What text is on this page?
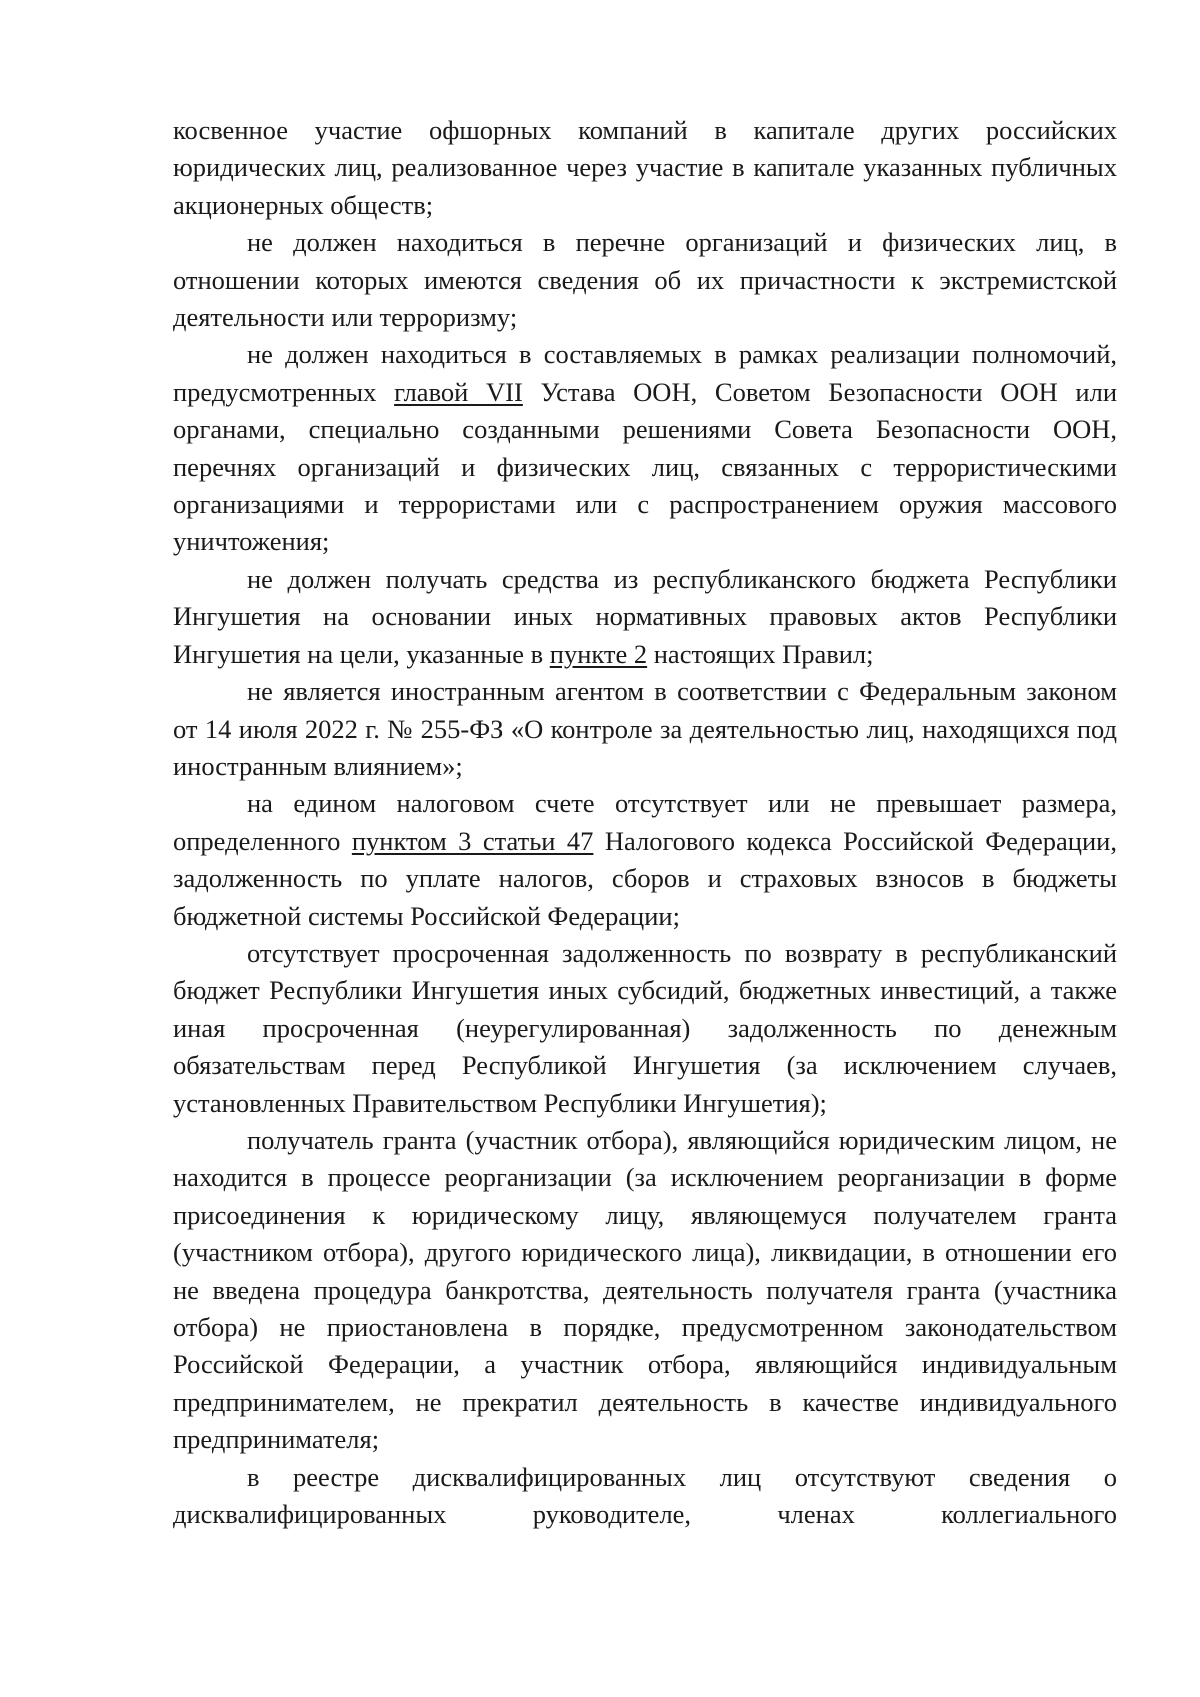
косвенное участие офшорных компаний в капитале других российских юридических лиц, реализованное через участие в капитале указанных публичных акционерных обществ;

не должен находиться в перечне организаций и физических лиц, в отношении которых имеются сведения об их причастности к экстремистской деятельности или терроризму;

не должен находиться в составляемых в рамках реализации полномочий, предусмотренных главой VII Устава ООН, Советом Безопасности ООН или органами, специально созданными решениями Совета Безопасности ООН, перечнях организаций и физических лиц, связанных с террористическими организациями и террористами или с распространением оружия массового уничтожения;

не должен получать средства из республиканского бюджета Республики Ингушетия на основании иных нормативных правовых актов Республики Ингушетия на цели, указанные в пункте 2 настоящих Правил;

не является иностранным агентом в соответствии с Федеральным законом от 14 июля 2022 г. № 255-ФЗ «О контроле за деятельностью лиц, находящихся под иностранным влиянием»;

на едином налоговом счете отсутствует или не превышает размера, определенного пунктом 3 статьи 47 Налогового кодекса Российской Федерации, задолженность по уплате налогов, сборов и страховых взносов в бюджеты бюджетной системы Российской Федерации;

отсутствует просроченная задолженность по возврату в республиканский бюджет Республики Ингушетия иных субсидий, бюджетных инвестиций, а также иная просроченная (неурегулированная) задолженность по денежным обязательствам перед Республикой Ингушетия (за исключением случаев, установленных Правительством Республики Ингушетия);

получатель гранта (участник отбора), являющийся юридическим лицом, не находится в процессе реорганизации (за исключением реорганизации в форме присоединения к юридическому лицу, являющемуся получателем гранта (участником отбора), другого юридического лица), ликвидации, в отношении его не введена процедура банкротства, деятельность получателя гранта (участника отбора) не приостановлена в порядке, предусмотренном законодательством Российской Федерации, а участник отбора, являющийся индивидуальным предпринимателем, не прекратил деятельность в качестве индивидуального предпринимателя;

в реестре дисквалифицированных лиц отсутствуют сведения о дисквалифицированных руководителе, членах коллегиального
